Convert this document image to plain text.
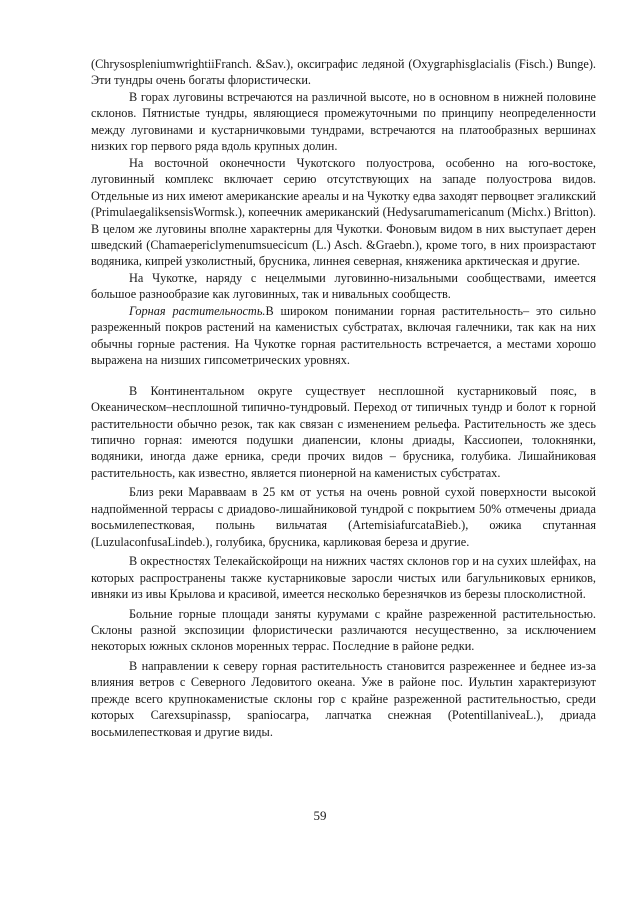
(ChrysospleniumwrightiiFranch. &Sav.), оксиграфис ледяной (Oxygraphisglacialis (Fisch.) Bunge). Эти тундры очень богаты флористически.

В горах луговины встречаются на различной высоте, но в основном в нижней половине склонов. Пятнистые тундры, являющиеся промежуточными по принципу неопределенности между луговинами и кустарничковыми тундрами, встречаются на платообразных вершинах низких гор первого ряда вдоль крупных долин.

На восточной оконечности Чукотского полуострова, особенно на юго-востоке, луговинный комплекс включает серию отсутствующих на западе полуострова видов. Отдельные из них имеют американские ареалы и на Чукотку едва заходят первоцвет эгаликский (PrimulaegaliksensisWormsk.), копеечник американский (Hedysarumamericanum (Michx.) Britton). В целом же луговины вполне характерны для Чукотки. Фоновым видом в них выступает дерен шведский (Chamaepericlymenumsuecicum (L.) Asch. &Graebn.), кроме того, в них произрастают водяника, кипрей узколистный, брусника, линнея северная, княженика арктическая и другие.

На Чукотке, наряду с нецелмыми луговинно-низальными сообществами, имеется большое разнообразие как луговинных, так и нивальных сообществ.

Горная растительность.В широком понимании горная растительность– это сильно разреженный покров растений на каменистых субстратах, включая галечники, так как на них обычны горные растения. На Чукотке горная растительность встречается, а местами хорошо выражена на низших гипсометрических уровнях.

В Континентальном округе существует несплошной кустарниковый пояс, в Океаническом–несплошной типично-тундровый. Переход от типичных тундр и болот к горной растительности обычно резок, так как связан с изменением рельефа. Растительность же здесь типично горная: имеются подушки диапенсии, клоны дриады, Кассиопеи, толокнянки, водяники, иногда даже ерника, среди прочих видов – брусника, голубика. Лишайниковая растительность, как известно, является пионерной на каменистых субстратах.

Близ реки Маравваам в 25 км от устья на очень ровной сухой поверхности высокой надпойменной террасы с дриадово-лишайниковой тундрой с покрытием 50% отмечены дриада восьмилепестковая, полынь вильчатая (ArtemisiafurcataBieb.), ожика спутанная (LuzulaconfusaLindeb.), голубика, брусника, карликовая береза и другие.

В окрестностях Телекайскойрощи на нижних частях склонов гор и на сухих шлейфах, на которых распространены также кустарниковые заросли чистых или багульниковых ерников, ивняки из ивы Крылова и красивой, имеется несколько березнячков из березы плосколистной.

Больние горные площади заняты курумами с крайне разреженной растительностью. Склоны разной экспозиции флористически различаются несущественно, за исключением некоторых южных склонов моренных террас. Последние в районе редки.

В направлении к северу горная растительность становится разреженнее и беднее из-за влияния ветров с Северного Ледовитого океана. Уже в районе пос. Иультин характеризуют прежде всего крупнокаменистые склоны гор с крайне разреженной растительностью, среди которых Carexsupinassp, spaniocarpa, лапчатка снежная (PotentillaniveaL.), дриада восьмилепестковая и другие виды.

59
